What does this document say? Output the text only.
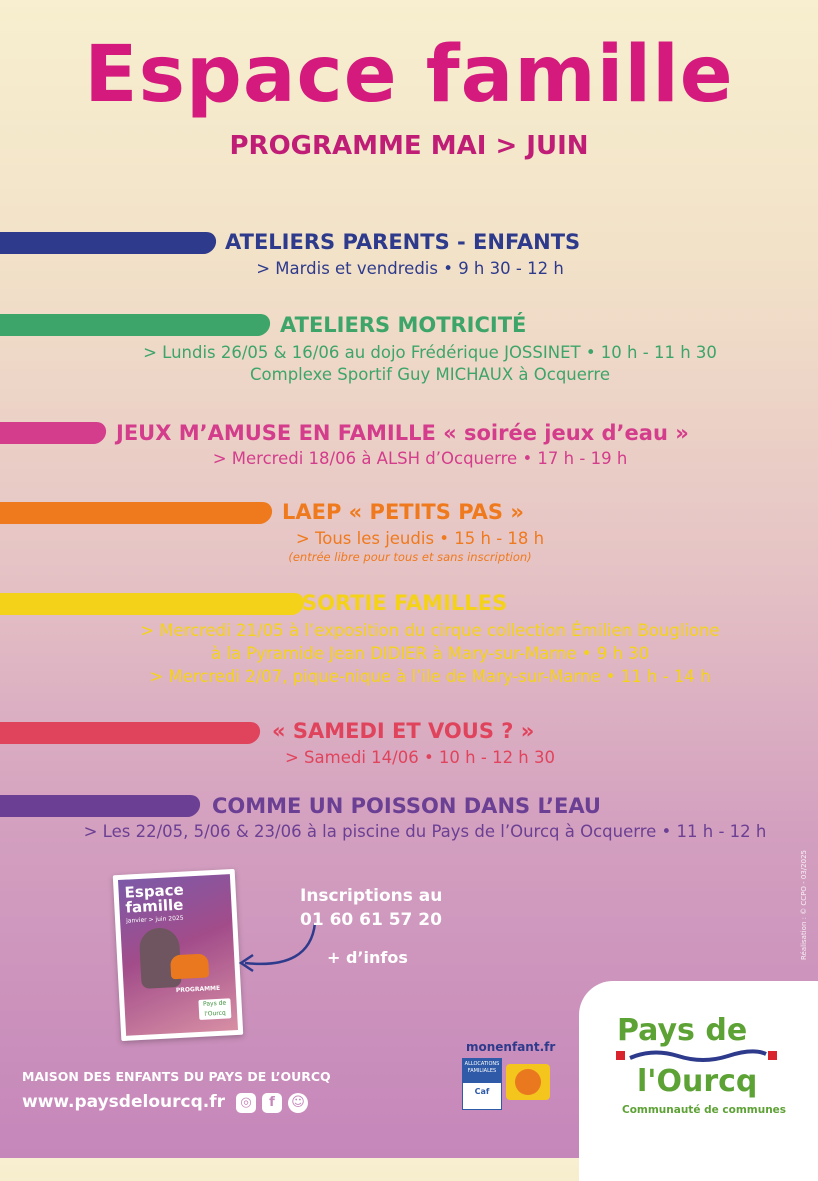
Espace famille
PROGRAMME MAI > JUIN
ATELIERS PARENTS - ENFANTS
> Mardis et vendredis • 9 h 30 - 12 h
ATELIERS MOTRICITÉ
> Lundis 26/05 & 16/06 au dojo Frédérique JOSSINET • 10 h - 11 h 30
Complexe Sportif Guy MICHAUX à Ocquerre
JEUX M’AMUSE EN FAMILLE « soirée jeux d’eau »
> Mercredi 18/06 à ALSH d’Ocquerre • 17 h - 19 h
LAEP « PETITS PAS »
> Tous les jeudis • 15 h - 18 h
(entrée libre pour tous et sans inscription)
SORTIE FAMILLES
> Mercredi 21/05 à l’exposition du cirque collection Émilien Bouglione
à la Pyramide Jean DIDIER à Mary-sur-Marne • 9 h 30
> Mercredi 2/07, pique-nique à l’ile de Mary-sur-Marne • 11 h - 14 h
« SAMEDI ET VOUS ? »
> Samedi 14/06 • 10 h - 12 h 30
COMME UN POISSON DANS L’EAU
> Les 22/05, 5/06 & 23/06 à la piscine du Pays de l’Ourcq à Ocquerre • 11 h - 12 h
Espace
famille
janvier > juin 2025
PROGRAMME
Pays de l'Ourcq
Inscriptions au
01 60 61 57 20
+ d’infos	Réalisation : © CCPO - 03/2025
MAISON DES ENFANTS DU PAYS DE L’OURCQ
www.paysdelourcq.fr	◎	f	☺
monenfant.fr
ALLOCATIONS FAMILIALES
Caf
Pays de
l'Ourcq
Communauté de communes
